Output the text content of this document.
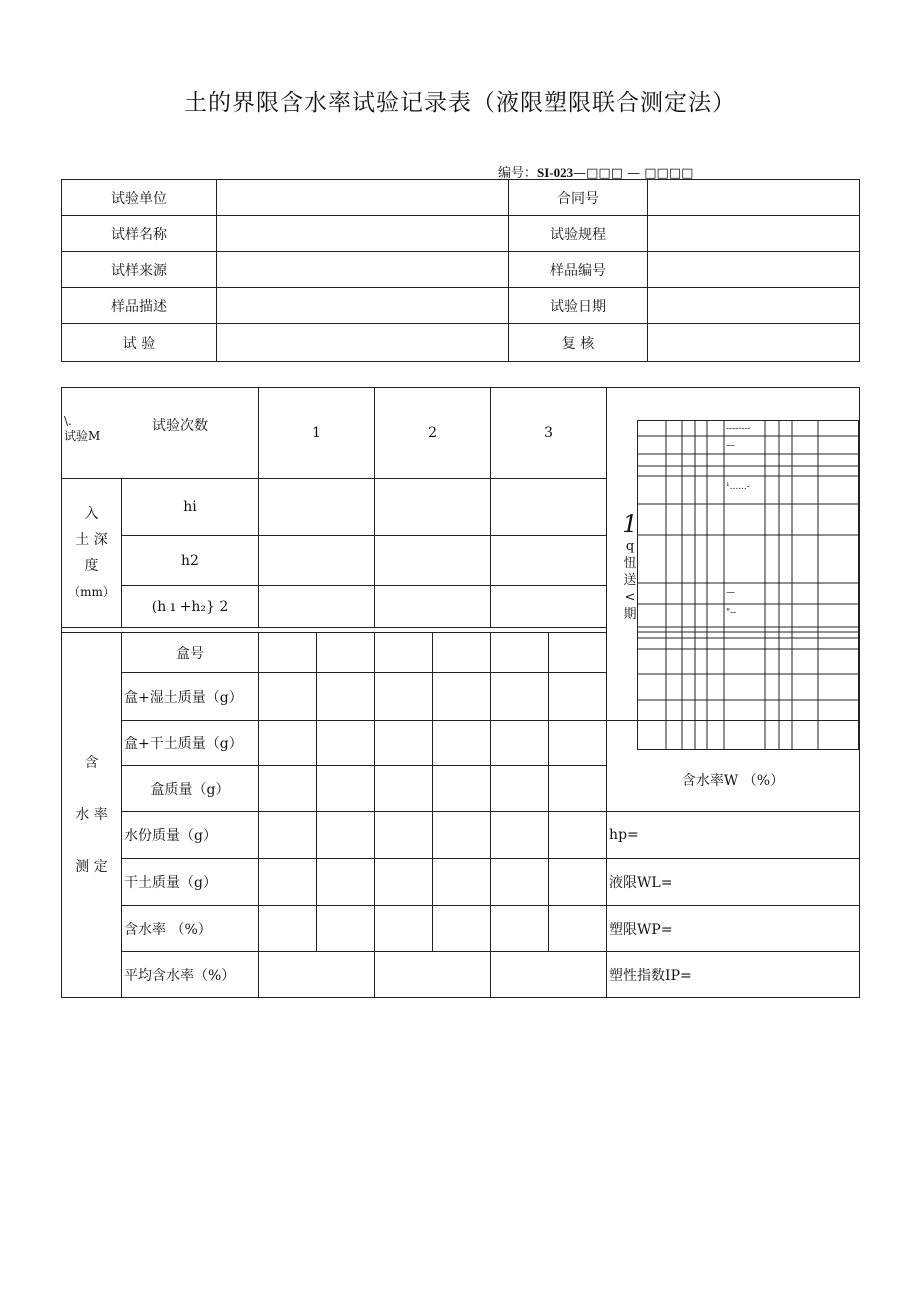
土的界限含水率试验记录表（液限塑限联合测定法）
编号：SI-023—□□□ — □□□□
试验单位		合同号	
试样名称		试验规程	
试样来源		样品编号	
样品描述		试验日期	
试 验		复 核	
\.
试验M
试验次数		1		2		3		
入
土 深
度
（mm）	hi							
	h2							
	(h ı +h₂} 2							

含

水 率

测 定	盒号							
	盒+湿土质量（g）							
	盒+干土质量（g）							
	盒质量（g）							
	水份质量（g）							hp=
	干土质量（g）							液限WL=
	含水率 （%）							塑限WP=
	平均含水率（%）							塑性指数IP=
1
q
忸
送
<
期
--------
—
¹......-
—
"--
含水率W （%）
